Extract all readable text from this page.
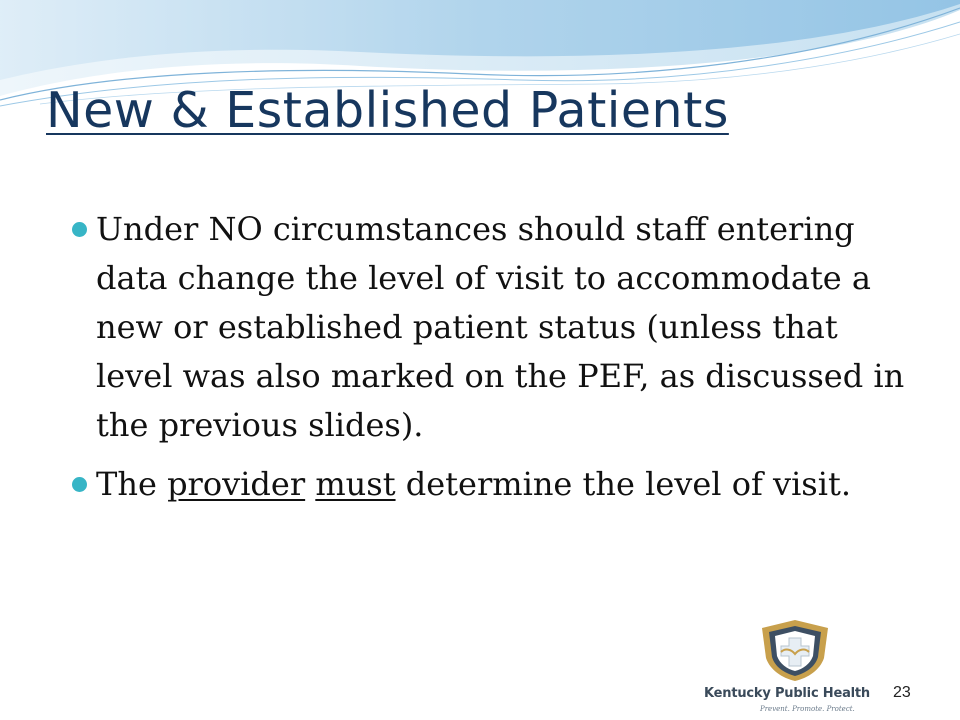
New & Established Patients
Under NO circumstances should staff entering data change the level of visit to accommodate a new or established patient status (unless that level was also marked on the PEF, as discussed in the previous slides).
The provider must determine the level of visit.
Kentucky Public Health
Prevent. Promote. Protect.
23
